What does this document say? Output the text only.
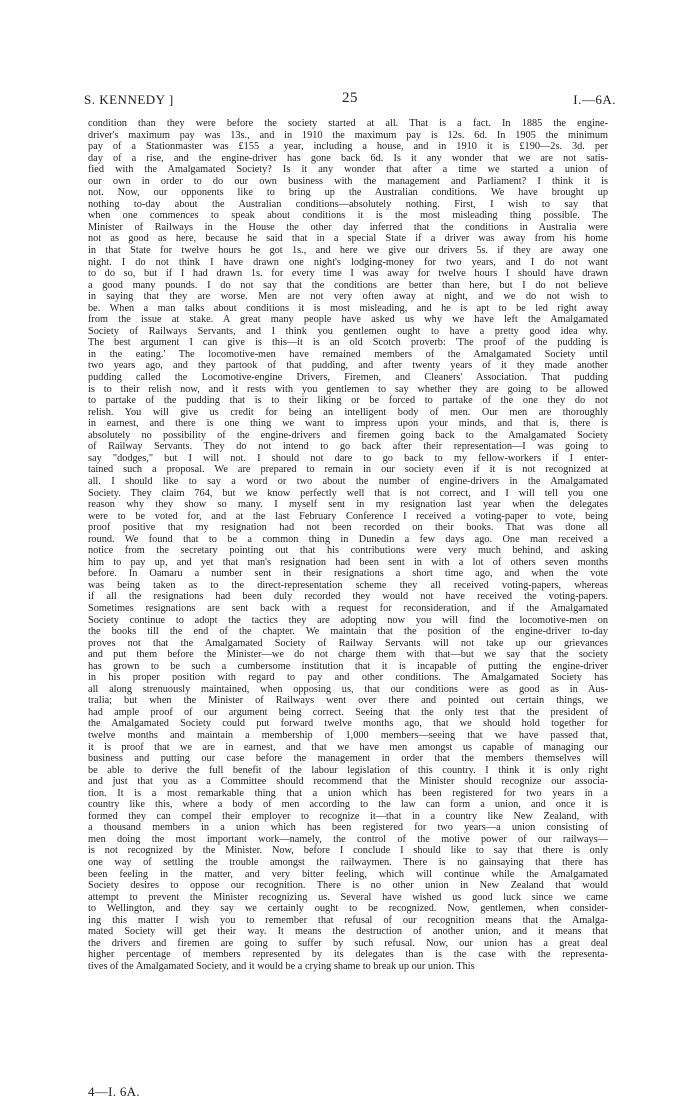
S. KENNEDY ]	25	I.—6A.
condition than they were before the society started at all. That is a fact. In 1885 the engine-
driver's maximum pay was 13s., and in 1910 the maximum pay is 12s. 6d. In 1905 the minimum
pay of a Stationmaster was £155 a year, including a house, and in 1910 it is £190—2s. 3d. per
day of a rise, and the engine-driver has gone back 6d. Is it any wonder that we are not satis-
fied with the Amalgamated Society? Is it any wonder that after a time we started a union of
our own in order to do our own business with the management and Parliament? I think it is
not. Now, our opponents like to bring up the Australian conditions. We have brought up
nothing to-day about the Australian conditions—absolutely nothing. First, I wish to say that
when one commences to speak about conditions it is the most misleading thing possible. The
Minister of Railways in the House the other day inferred that the conditions in Australia were
not as good as here, because he said that in a special State if a driver was away from his home
in that State for twelve hours he got 1s., and here we give our drivers 5s. if they are away one
night. I do not think I have drawn one night's lodging-money for two years, and I do not want
to do so, but if I had drawn 1s. for every time I was away for twelve hours I should have drawn
a good many pounds. I do not say that the conditions are better than here, but I do not believe
in saying that they are worse. Men are not very often away at night, and we do not wish to
be. When a man talks about conditions it is most misleading, and he is apt to be led right away
from the issue at stake. A great many people have asked us why we have left the Amalgamated
Society of Railways Servants, and I think you gentlemen ought to have a pretty good idea why.
The best argument I can give is this—it is an old Scotch proverb: 'The proof of the pudding is
in the eating.' The locomotive-men have remained members of the Amalgamated Society until
two years ago, and they partook of that pudding, and after twenty years of it they made another
pudding called the Locomotive-engine Drivers, Firemen, and Cleaners' Association. That pudding
is to their relish now, and it rests with you gentlemen to say whether they are going to be allowed
to partake of the pudding that is to their liking or be forced to partake of the one they do not
relish. You will give us credit for being an intelligent body of men. Our men are thoroughly
in earnest, and there is one thing we want to impress upon your minds, and that is, there is
absolutely no possibility of the engine-drivers and firemen going back to the Amalgamated Society
of Railway Servants. They do not intend to go back after their representation—I was going to
say "dodges," but I will not. I should not dare to go back to my fellow-workers if I enter-
tained such a proposal. We are prepared to remain in our society even if it is not recognized at
all. I should like to say a word or two about the number of engine-drivers in the Amalgamated
Society. They claim 764, but we know perfectly well that is not correct, and I will tell you one
reason why they show so many. I myself sent in my resignation last year when the delegates
were to be voted for, and at the last February Conference I received a voting-paper to vote, being
proof positive that my resignation had not been recorded on their books. That was done all
round. We found that to be a common thing in Dunedin a few days ago. One man received a
notice from the secretary pointing out that his contributions were very much behind, and asking
him to pay up, and yet that man's resignation had been sent in with a lot of others seven months
before. In Oamaru a number sent in their resignations a short time ago, and when the vote
was being taken as to the direct-representation scheme they all received voting-papers, whereas
if all the resignations had been duly recorded they would not have received the voting-papers.
Sometimes resignations are sent back with a request for reconsideration, and if the Amalgamated
Society continue to adopt the tactics they are adopting now you will find the locomotive-men on
the books till the end of the chapter. We maintain that the position of the engine-driver to-day
proves not that the Amalgamated Society of Railway Servants will not take up our grievances
and put them before the Minister—we do not charge them with that—but we say that the society
has grown to be such a cumbersome institution that it is incapable of putting the engine-driver
in his proper position with regard to pay and other conditions. The Amalgamated Society has
all along strenuously maintained, when opposing us, that our conditions were as good as in Aus-
tralia; but when the Minister of Railways went over there and pointed out certain things, we
had ample proof of our argument being correct. Seeing that the only test that the president of
the Amalgamated Society could put forward twelve months ago, that we should hold together for
twelve months and maintain a membership of 1,000 members—seeing that we have passed that,
it is proof that we are in earnest, and that we have men amongst us capable of managing our
business and putting our case before the management in order that the members themselves will
be able to derive the full benefit of the labour legislation of this country. I think it is only right
and just that you as a Committee should recommend that the Minister should recognize our associa-
tion. It is a most remarkable thing that a union which has been registered for two years in a
country like this, where a body of men according to the law can form a union, and once it is
formed they can compel their employer to recognize it—that in a country like New Zealand, with
a thousand members in a union which has been registered for two years—a union consisting of
men doing the most important work—namely, the control of the motive power of our railways—
is not recognized by the Minister. Now, before I conclude I should like to say that there is only
one way of settling the trouble amongst the railwaymen. There is no gainsaying that there has
been feeling in the matter, and very bitter feeling, which will continue while the Amalgamated
Society desires to oppose our recognition. There is no other union in New Zealand that would
attempt to prevent the Minister recognizing us. Several have wished us good luck since we came
to Wellington, and they say we certainly ought to be recognized. Now, gentlemen, when consider-
ing this matter I wish you to remember that refusal of our recognition means that the Amalga-
mated Society will get their way. It means the destruction of another union, and it means that
the drivers and firemen are going to suffer by such refusal. Now, our union has a great deal
higher percentage of members represented by its delegates than is the case with the representa-
tives of the Amalgamated Society, and it would be a crying shame to break up our union. This
4—I. 6A.
